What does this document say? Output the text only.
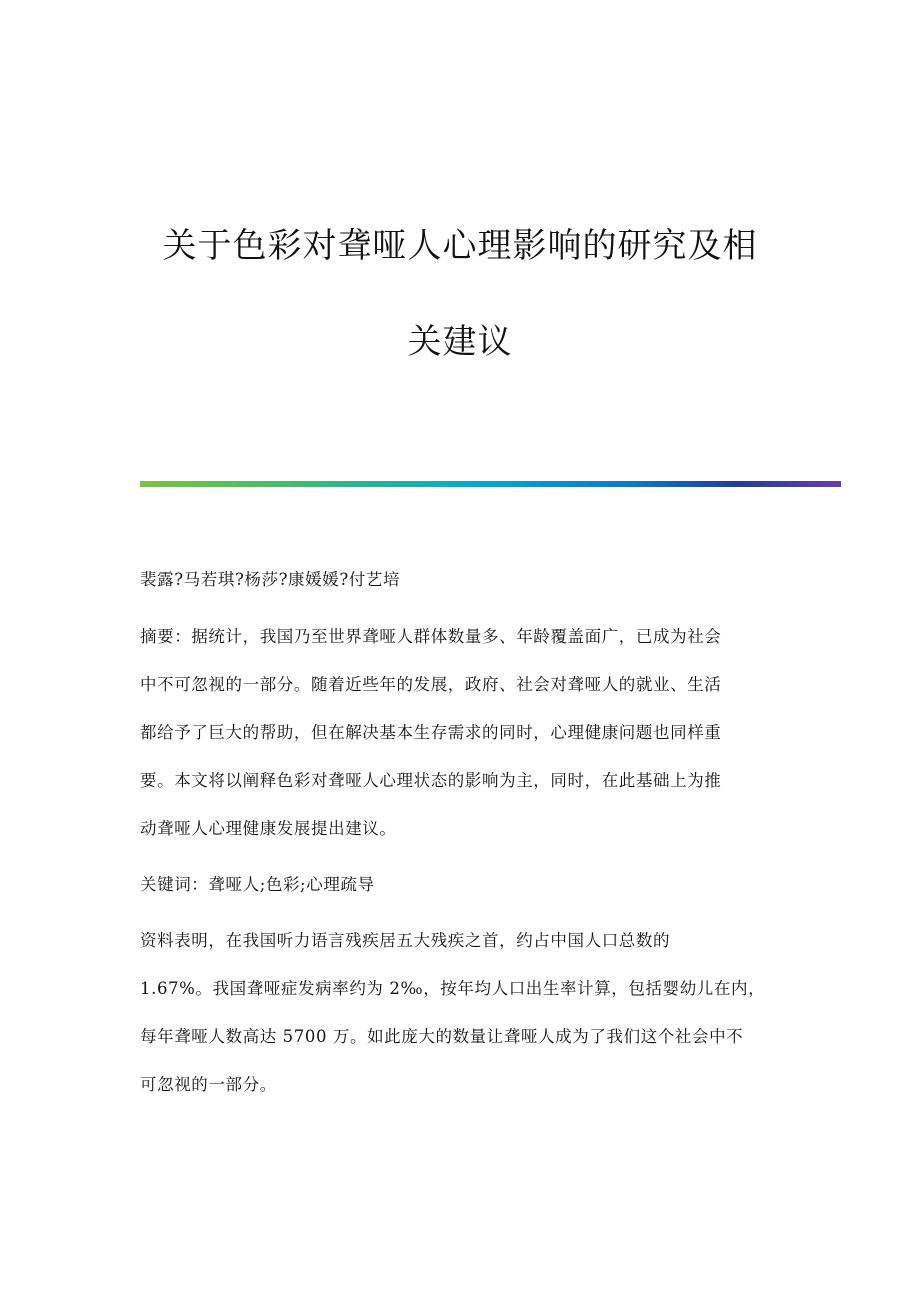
关于色彩对聋哑人心理影响的研究及相
关建议
裴露?马若琪?杨莎?康媛媛?付艺培
摘要：据统计，我国乃至世界聋哑人群体数量多、年龄覆盖面广，已成为社会
中不可忽视的一部分。随着近些年的发展，政府、社会对聋哑人的就业、生活
都给予了巨大的帮助，但在解决基本生存需求的同时，心理健康问题也同样重
要。本文将以阐释色彩对聋哑人心理状态的影响为主，同时，在此基础上为推
动聋哑人心理健康发展提出建议。
关键词：聋哑人;色彩;心理疏导
资料表明，在我国听力语言残疾居五大残疾之首，约占中国人口总数的
1.67%。我国聋哑症发病率约为 2‰，按年均人口出生率计算，包括婴幼儿在内，
每年聋哑人数高达 5700 万。如此庞大的数量让聋哑人成为了我们这个社会中不
可忽视的一部分。
